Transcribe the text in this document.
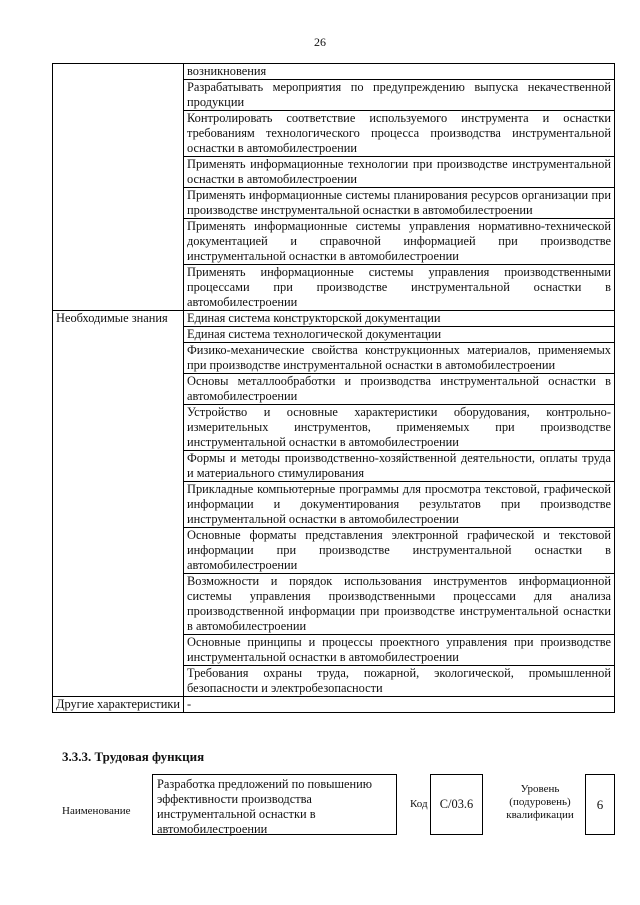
26
	возникновения
	Разрабатывать мероприятия по предупреждению выпуска некачественной продукции
	Контролировать соответствие используемого инструмента и оснастки требованиям технологического процесса производства инструментальной оснастки в автомобилестроении
	Применять информационные технологии при производстве инструментальной оснастки в автомобилестроении
	Применять информационные системы планирования ресурсов организации при производстве инструментальной оснастки в автомобилестроении
	Применять информационные системы управления нормативно-технической документацией и справочной информацией при производстве инструментальной оснастки в автомобилестроении
	Применять информационные системы управления производственными процессами при производстве инструментальной оснастки в автомобилестроении
Необходимые знания	Единая система конструкторской документации
	Единая система технологической документации
	Физико-механические свойства конструкционных материалов, применяемых при производстве инструментальной оснастки в автомобилестроении
	Основы металлообработки и производства инструментальной оснастки в автомобилестроении
	Устройство и основные характеристики оборудования, контрольно-измерительных инструментов, применяемых при производстве инструментальной оснастки в автомобилестроении
	Формы и методы производственно-хозяйственной деятельности, оплаты труда и материального стимулирования
	Прикладные компьютерные программы для просмотра текстовой, графической информации и документирования результатов при производстве инструментальной оснастки в автомобилестроении
	Основные форматы представления электронной графической и текстовой информации при производстве инструментальной оснастки в автомобилестроении
	Возможности и порядок использования инструментов информационной системы управления производственными процессами для анализа производственной информации при производстве инструментальной оснастки в автомобилестроении
	Основные принципы и процессы проектного управления при производстве инструментальной оснастки в автомобилестроении
	Требования охраны труда, пожарной, экологической, промышленной безопасности и электробезопасности
Другие характеристики	-
3.3.3. Трудовая функция
Наименование
Разработка предложений по повышению эффективности производства инструментальной оснастки в автомобилестроении
Код C/03.6
Уровень (подуровень) квалификации
6
